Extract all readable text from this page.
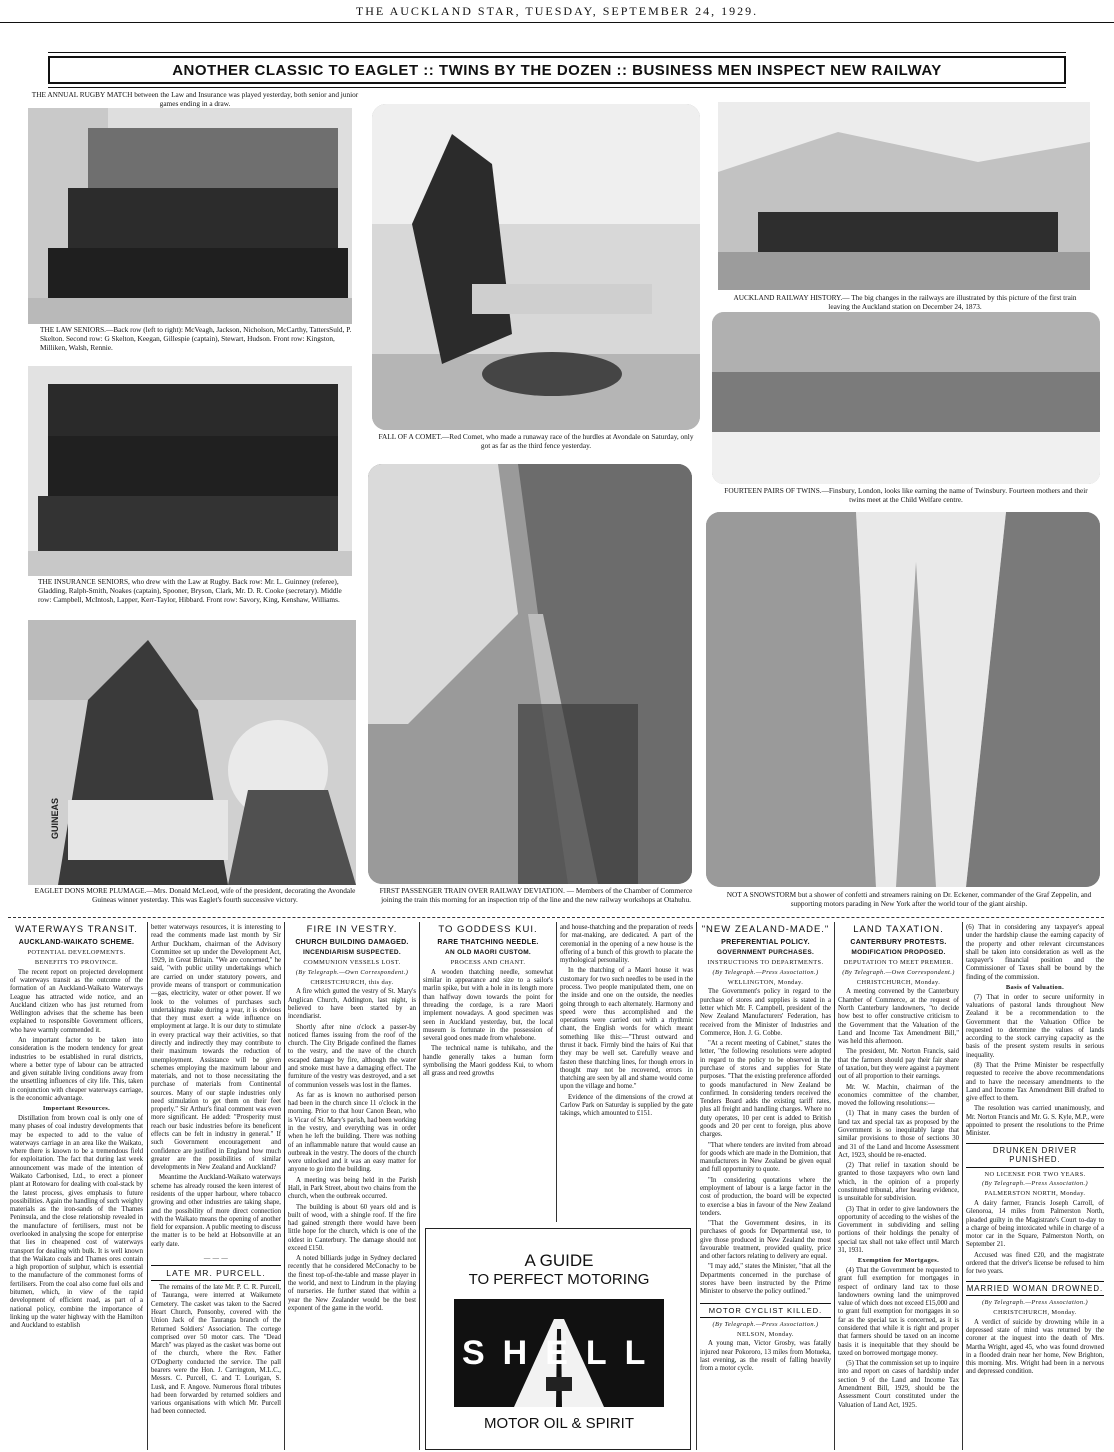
THE AUCKLAND STAR, TUESDAY, SEPTEMBER 24, 1929.
ANOTHER CLASSIC TO EAGLET :: TWINS BY THE DOZEN :: BUSINESS MEN INSPECT NEW RAILWAY
THE ANNUAL RUGBY MATCH between the Law and Insurance was played yesterday, both senior and junior games ending in a draw.
THE LAW SENIORS.—Back row (left to right): McVeagh, Jackson, Nicholson, McCarthy, TattersSuld, P. Skelton. Second row: G Skelton, Keegan, Gillespie (captain), Stewart, Hudson. Front row: Kingston, Milliken, Walsh, Rennie.
THE INSURANCE SENIORS, who drew with the Law at Rugby. Back row: Mr. L. Guinney (referee), Gladding, Ralph-Smith, Noakes (captain), Spooner, Bryson, Clark, Mr. D. R. Cooke (secretary). Middle row: Campbell, McIntosh, Lapper, Kerr-Taylor, Hibbard. Front row: Savory, King, Kenshaw, Williams.
GUINEAS
EAGLET DONS MORE PLUMAGE.—Mrs. Donald McLeod, wife of the president, decorating the Avondale Guineas winner yesterday. This was Eaglet's fourth successive victory.
FALL OF A COMET.—Red Comet, who made a runaway race of the hurdles at Avondale on Saturday, only got as far as the third fence yesterday.
FIRST PASSENGER TRAIN OVER RAILWAY DEVIATION. — Members of the Chamber of Commerce joining the train this morning for an inspection trip of the line and the new railway workshops at Otahuhu.
AUCKLAND RAILWAY HISTORY.— The big changes in the railways are illustrated by this picture of the first train leaving the Auckland station on December 24, 1873.
FOURTEEN PAIRS OF TWINS.—Finsbury, London, looks like earning the name of Twinsbury. Fourteen mothers and their twins meet at the Child Welfare centre.
NOT A SNOWSTORM but a shower of confetti and streamers raining on Dr. Eckener, commander of the Graf Zeppelin, and supporting motors parading in New York after the world tour of the giant airship.
WATERWAYS TRANSIT.
AUCKLAND-WAIKATO SCHEME.
POTENTIAL DEVELOPMENTS.
BENEFITS TO PROVINCE.

The recent report on projected development of waterways transit as the outcome of the formation of an Auckland-Waikato Waterways League has attracted wide notice, and an Auckland citizen who has just returned from Wellington advises that the scheme has been explained to responsible Government officers, who have warmly commended it.

An important factor to be taken into consideration is the modern tendency for great industries to be established in rural districts, where a better type of labour can be attracted and given suitable living conditions away from the unsettling influences of city life. This, taken in conjunction with cheaper waterways carriage, is the economic advantage.

Important Resources.

Distillation from brown coal is only one of many phases of coal industry developments that may be expected to add to the value of waterways carriage in an area like the Waikato, where there is known to be a tremendous field for exploitation. The fact that during last week announcement was made of the intention of Waikato Carbonised, Ltd., to erect a pioneer plant at Rotowaro for dealing with coal-stack by the latest process, gives emphasis to future possibilities. Again the handling of such weighty materials as the iron-sands of the Thames Peninsula, and the close relationship revealed in the manufacture of fertilisers, must not be overlooked in analysing the scope for enterprise that lies in cheapened cost of waterways transport for dealing with bulk. It is well known that the Waikato coals and Thames ores contain a high proportion of sulphur, which is essential to the manufacture of the commonest forms of fertilisers. From the coal also come fuel oils and bitumen, which, in view of the rapid development of efficient road, as part of a national policy, combine the importance of linking up the water highway with the Hamilton and Auckland to establish

better waterways resources, it is interesting to read the comments made last month by Sir Arthur Duckham, chairman of the Advisory Committee set up under the Development Act, 1929, in Great Britain. "We are concerned," he said, "with public utility undertakings which are carried on under statutory powers, and provide means of transport or communication—gas, electricity, water or other power. If we look to the volumes of purchases such undertakings make during a year, it is obvious that they must exert a wide influence on employment at large. It is our duty to stimulate in every practical way their activities, so that directly and indirectly they may contribute to their maximum towards the reduction of unemployment. Assistance will be given schemes employing the maximum labour and materials, and not to those necessitating the purchase of materials from Continental sources. Many of our staple industries only need stimulation to get them on their feet properly." Sir Arthur's final comment was even more significant. He added: "Prosperity must reach our basic industries before its beneficent effects can be felt in industry in general." If such Government encouragement and confidence are justified in England how much greater are the possibilities of similar developments in New Zealand and Auckland?

Meantime the Auckland-Waikato waterways scheme has already roused the keen interest of residents of the upper harbour, where tobacco growing and other industries are taking shape, and the possibility of more direct connection with the Waikato means the opening of another field for expansion. A public meeting to discuss the matter is to be held at Hobsonville at an early date.

— — —
LATE MR. PURCELL.

The remains of the late Mr. P. C. R. Purcell, of Tauranga, were interred at Waikumete Cemetery. The casket was taken to the Sacred Heart Church, Ponsonby, covered with the Union Jack of the Tauranga branch of the Returned Soldiers' Association. The cortege comprised over 50 motor cars. The "Dead March" was played as the casket was borne out of the church, where the Rev. Father O'Dogherty conducted the service. The pall bearers were the Hon. J. Carrington, M.L.C., Messrs. C. Purcell, C. and T. Lourigan, S. Lusk, and F. Angove. Numerous floral tributes had been forwarded by returned soldiers and various organisations with which Mr. Purcell had been connected.

FIRE IN VESTRY.
CHURCH BUILDING DAMAGED.
INCENDIARISM SUSPECTED.
COMMUNION VESSELS LOST.
(By Telegraph.—Own Correspondent.)
CHRISTCHURCH, this day.

A fire which gutted the vestry of St. Mary's Anglican Church, Addington, last night, is believed to have been started by an incendiarist.

Shortly after nine o'clock a passer-by noticed flames issuing from the roof of the church. The City Brigade confined the flames to the vestry, and the nave of the church escaped damage by fire, although the water and smoke must have a damaging effect. The furniture of the vestry was destroyed, and a set of communion vessels was lost in the flames.

As far as is known no authorised person had been in the church since 11 o'clock in the morning. Prior to that hour Canon Bean, who is Vicar of St. Mary's parish, had been working in the vestry, and everything was in order when he left the building. There was nothing of an inflammable nature that would cause an outbreak in the vestry. The doors of the church were unlocked and it was an easy matter for anyone to go into the building.

A meeting was being held in the Parish Hall, in Park Street, about two chains from the church, when the outbreak occurred.

The building is about 60 years old and is built of wood, with a shingle roof. If the fire had gained strength there would have been little hope for the church, which is one of the oldest in Canterbury. The damage should not exceed £150.

A noted billiards judge in Sydney declared recently that he considered McConachy to be the finest top-of-the-table and masse player in the world, and next to Lindrum in the playing of nurseries. He further stated that within a year the New Zealander would be the best exponent of the game in the world.

TO GODDESS KUI.
RARE THATCHING NEEDLE.
AN OLD MAORI CUSTOM.
PROCESS AND CHANT.

A wooden thatching needle, somewhat similar in appearance and size to a sailor's marlin spike, but with a hole in its length more than halfway down towards the point for threading the cordage, is a rare Maori implement nowadays. A good specimen was seen in Auckland yesterday, but, the local museum is fortunate in the possession of several good ones made from whalebone.

The technical name is tuhikaho, and the handle generally takes a human form symbolising the Maori goddess Kui, to whom all grass and reed growths

and house-thatching and the preparation of reeds for mat-making, are dedicated. A part of the ceremonial in the opening of a new house is the offering of a bunch of this growth to placate the mythological personality.

In the thatching of a Maori house it was customary for two such needles to be used in the process. Two people manipulated them, one on the inside and one on the outside, the needles going through to each alternately. Harmony and speed were thus accomplished and the operations were carried out with a rhythmic chant, the English words for which meant something like this:—"Thrust outward and thrust it back. Firmly bind the hairs of Kui that they may be well set. Carefully weave and fasten these thatching lines, for though errors in thought may not be recovered, errors in thatching are seen by all and shame would come upon the village and home."

Evidence of the dimensions of the crowd at Carlow Park on Saturday is supplied by the gate takings, which amounted to £151.

A GUIDE
TO PERFECT MOTORING
SHELL
MOTOR OIL & SPIRIT
"NEW ZEALAND-MADE."
PREFERENTIAL POLICY.
GOVERNMENT PURCHASES.
INSTRUCTIONS TO DEPARTMENTS.
(By Telegraph.—Press Association.)
WELLINGTON, Monday.

The Government's policy in regard to the purchase of stores and supplies is stated in a letter which Mr. F. Campbell, president of the New Zealand Manufacturers' Federation, has received from the Minister of Industries and Commerce, Hon. J. G. Cobbe.

"At a recent meeting of Cabinet," states the letter, "the following resolutions were adopted in regard to the policy to be observed in the purchase of stores and supplies for State purposes. "That the existing preference afforded to goods manufactured in New Zealand be confirmed. In considering tenders received the Tenders Board adds the existing tariff rates, plus all freight and handling charges. Where no duty operates, 10 per cent is added to British goods and 20 per cent to foreign, plus above charges.

"That where tenders are invited from abroad for goods which are made in the Dominion, that manufacturers in New Zealand be given equal and full opportunity to quote.

"In considering quotations where the employment of labour is a large factor in the cost of production, the board will be expected to exercise a bias in favour of the New Zealand tenders.

"That the Government desires, in its purchases of goods for Departmental use, to give those produced in New Zealand the most favourable treatment, provided quality, price and other factors relating to delivery are equal.

"I may add," states the Minister, "that all the Departments concerned in the purchase of stores have been instructed by the Prime Minister to observe the policy outlined."

MOTOR CYCLIST KILLED.
(By Telegraph.—Press Association.)
NELSON, Monday.

A young man, Victor Grosby, was fatally injured near Pokororo, 13 miles from Motueka, last evening, as the result of falling heavily from a motor cycle.

LAND TAXATION.
CANTERBURY PROTESTS.
MODIFICATION PROPOSED.
DEPUTATION TO MEET PREMIER.
(By Telegraph.—Own Correspondent.)
CHRISTCHURCH, Monday.

A meeting convened by the Canterbury Chamber of Commerce, at the request of North Canterbury landowners, "to decide how best to offer constructive criticism to the Government that the Valuation of the Land and Income Tax Amendment Bill," was held this afternoon.

The president, Mr. Norton Francis, said that the farmers should pay their fair share of taxation, but they were against a payment out of all proportion to their earnings.

Mr. W. Machin, chairman of the economics committee of the chamber, moved the following resolutions:—

(1) That in many cases the burden of land tax and special tax as proposed by the Government is so inequitably large that similar provisions to those of sections 30 and 31 of the Land and Income Assessment Act, 1923, should be re-enacted.

(2) That relief in taxation should be granted to those taxpayers who own land which, in the opinion of a properly constituted tribunal, after hearing evidence, is unsuitable for subdivision.

(3) That in order to give landowners the opportunity of acceding to the wishes of the Government in subdividing and selling portions of their holdings the penalty of special tax shall not take effect until March 31, 1931.

Exemption for Mortgages.

(4) That the Government be requested to grant full exemption for mortgages in respect of ordinary land tax to those landowners owning land the unimproved value of which does not exceed £15,000 and to grant full exemption for mortgages in so far as the special tax is concerned, as it is considered that while it is right and proper that farmers should be taxed on an income basis it is inequitable that they should be taxed on borrowed mortgage money.

(5) That the commission set up to inquire into and report on cases of hardship under section 9 of the Land and Income Tax Amendment Bill, 1929, should be the Assessment Court constituted under the Valuation of Land Act, 1925.

(6) That in considering any taxpayer's appeal under the hardship clause the earning capacity of the property and other relevant circumstances shall be taken into consideration as well as the taxpayer's financial position and the Commissioner of Taxes shall be bound by the finding of the commission.

Basis of Valuation.

(7) That in order to secure uniformity in valuations of pastoral lands throughout New Zealand it be a recommendation to the Government that the Valuation Office be requested to determine the values of lands according to the stock carrying capacity as the basis of the present system results in serious inequality.

(8) That the Prime Minister be respectfully requested to receive the above recommendations and to have the necessary amendments to the Land and Income Tax Amendment Bill drafted to give effect to them.

The resolution was carried unanimously, and Mr. Norton Francis and Mr. G. S. Kyle, M.P., were appointed to present the resolutions to the Prime Minister.

DRUNKEN DRIVER PUNISHED.
NO LICENSE FOR TWO YEARS.
(By Telegraph.—Press Association.)
PALMERSTON NORTH, Monday.

A dairy farmer, Francis Joseph Carroll, of Glenoroa, 14 miles from Palmerston North, pleaded guilty in the Magistrate's Court to-day to a charge of being intoxicated while in charge of a motor car in the Square, Palmerston North, on September 21.

Accused was fined £20, and the magistrate ordered that the driver's license be refused to him for two years.

MARRIED WOMAN DROWNED.
(By Telegraph.—Press Association.)
CHRISTCHURCH, Monday.

A verdict of suicide by drowning while in a depressed state of mind was returned by the coroner at the inquest into the death of Mrs. Martha Wright, aged 45, who was found drowned in a flooded drain near her home, New Brighton, this morning. Mrs. Wright had been in a nervous and depressed condition.
